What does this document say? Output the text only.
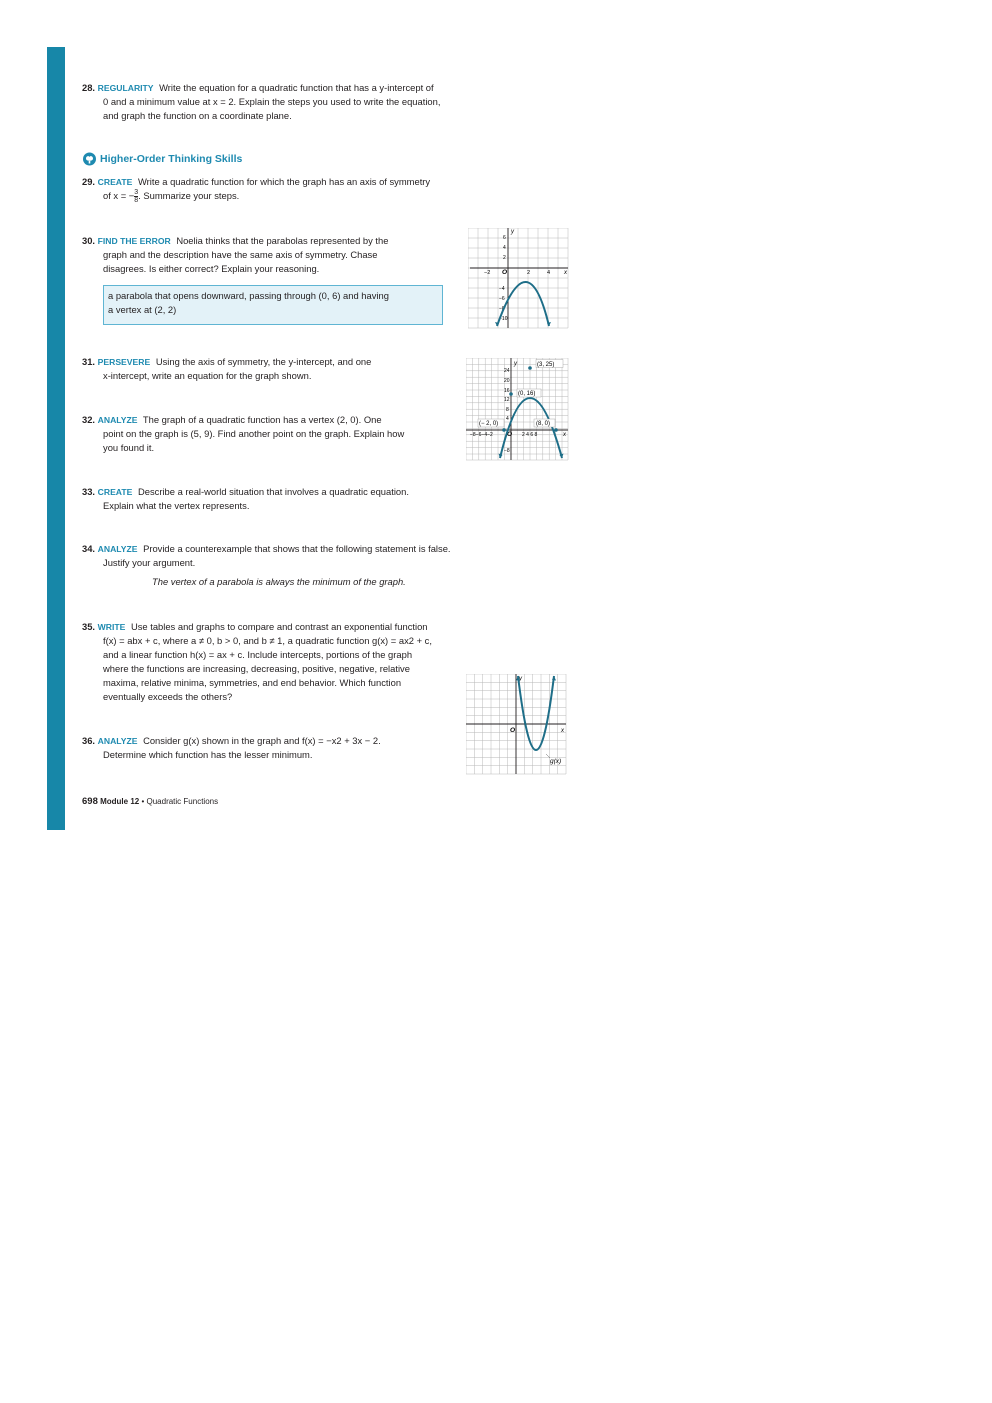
28. REGULARITY Write the equation for a quadratic function that has a y-intercept of

0 and a minimum value at x = 2. Explain the steps you used to write the equation,

and graph the function on a coordinate plane.

Higher-Order Thinking Skills

29. CREATE Write a quadratic function for which the graph has an axis of symmetry

of x = − $\frac{3}{8}$ . Summarize your steps.

30. FIND THE ERROR Noelia thinks that the parabolas represented by the

graph and the description have the same axis of symmetry. Chase

disagrees. Is either correct? Explain your reasoning.

a parabola that opens downward, passing through (0, 6) and having
a vertex at (2, 2)
y
x
O
−2	2	4
6
4
2
−4
−6
−8
−10

31. PERSEVERE Using the axis of symmetry, the y-intercept, and one

x-intercept, write an equation for the graph shown.

y
x
O
24
20
16
12
8
4
−8
−8−6−4−2	2 4 6 8
(3, 25)
(0, 16)
(− 2, 0)	(8, 0)

32. ANALYZE The graph of a quadratic function has a vertex (2, 0). One

point on the graph is (5, 9). Find another point on the graph. Explain how

you found it.

33. CREATE Describe a real-world situation that involves a quadratic equation.

Explain what the vertex represents.

34. ANALYZE Provide a counterexample that shows that the following statement is false.

Justify your argument.

The vertex of a parabola is always the minimum of the graph.

35. WRITE Use tables and graphs to compare and contrast an exponential function

f(x) = abx + c, where a ≠ 0, b > 0, and b ≠ 1, a quadratic function g(x) = ax2 + c,

and a linear function h(x) = ax + c. Include intercepts, portions of the graph

where the functions are increasing, decreasing, positive, negative, relative

maxima, relative minima, symmetries, and end behavior. Which function

eventually exceeds the others?

y
x
O
g(x)

36. ANALYZE Consider g(x) shown in the graph and f(x) = −x2 + 3x − 2.

Determine which function has the lesser minimum.

698 Module 12 • Quadratic Functions
